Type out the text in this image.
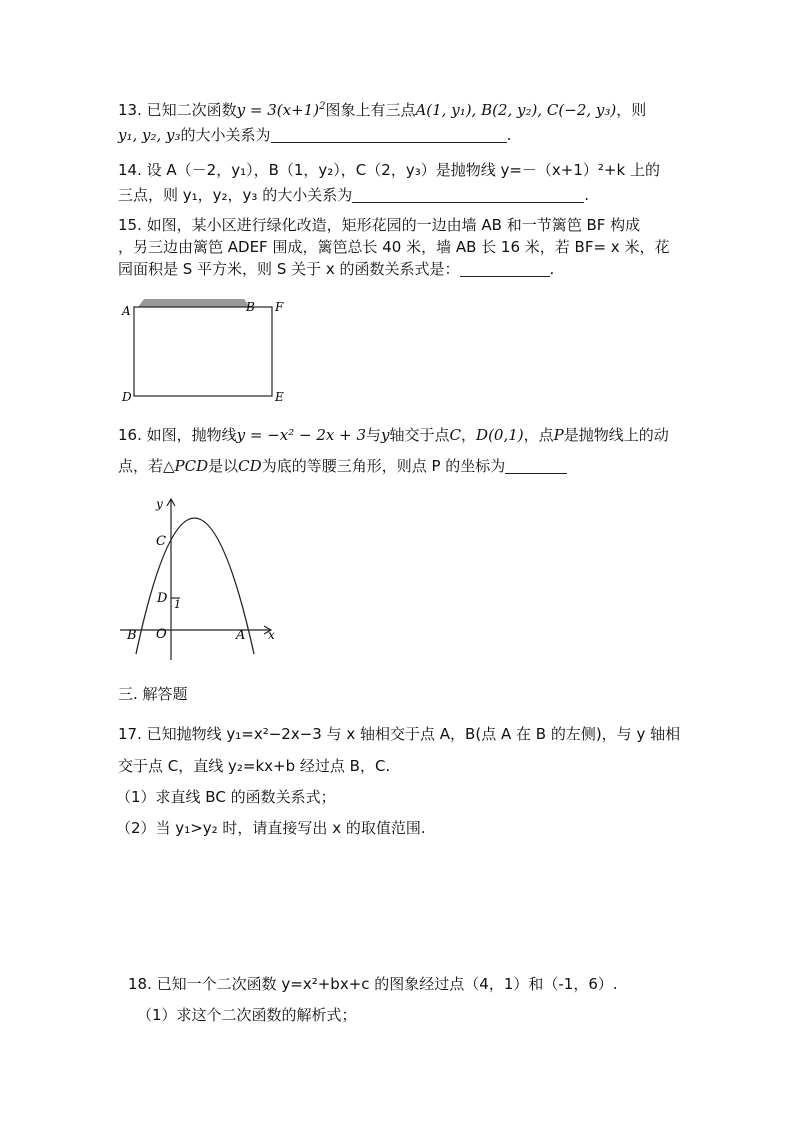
13. 已知二次函数$y = 3(x+1)^2$图象上有三点A(1, y₁), B(2, y₂), C(−2, y₃)，则
y₁, y₂, y₃的大小关系为	.
14. 设 A（－2，y₁），B（1，y₂），C（2，y₃）是抛物线 y=－（x+1）²+k 上的
三点，则 y₁，y₂，y₃ 的大小关系为	.
15. 如图，某小区进行绿化改造，矩形花园的一边由墙 AB 和一节篱笆 BF 构成
，另三边由篱笆 ADEF 围成，篱笆总长 40 米，墙 AB 长 16 米，若 BF= x 米，花
园面积是 S 平方米，则 S 关于 x 的函数关系式是：	.
A	B F
D	E
16. 如图，抛物线y = −x² − 2x + 3与y轴交于点C，D(0,1)，点P是抛物线上的动
点，若△PCD是以CD为底的等腰三角形，则点 P 的坐标为
y
x
C
D 1
B O	A
三. 解答题
17. 已知抛物线 y₁=x²−2x−3 与 x 轴相交于点 A，B(点 A 在 B 的左侧)，与 y 轴相
交于点 C，直线 y₂=kx+b 经过点 B，C.
（1）求直线 BC 的函数关系式；
（2）当 y₁>y₂ 时，请直接写出 x 的取值范围.
18. 已知一个二次函数 y=x²+bx+c 的图象经过点（4，1）和（-1，6）.
（1）求这个二次函数的解析式；
